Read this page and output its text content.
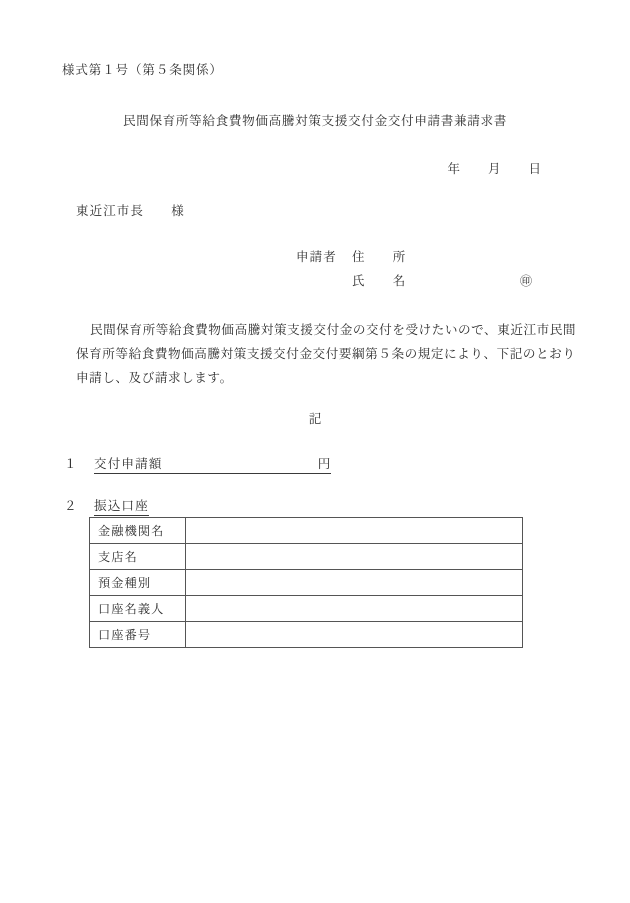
様式第１号（第５条関係）
民間保育所等給食費物価高騰対策支援交付金交付申請書兼請求書
年　　月　　日
東近江市長　　様
申請者	住　　所
氏　　名	㊞

民間保育所等給食費物価高騰対策支援交付金の交付を受けたいので、東近江市民間

保育所等給食費物価高騰対策支援交付金交付要綱第５条の規定により、下記のとおり

申請し、及び請求します。

記
１	交付申請額	円
２	振込口座
金融機関名	
支店名	
預金種別	
口座名義人	
口座番号	
